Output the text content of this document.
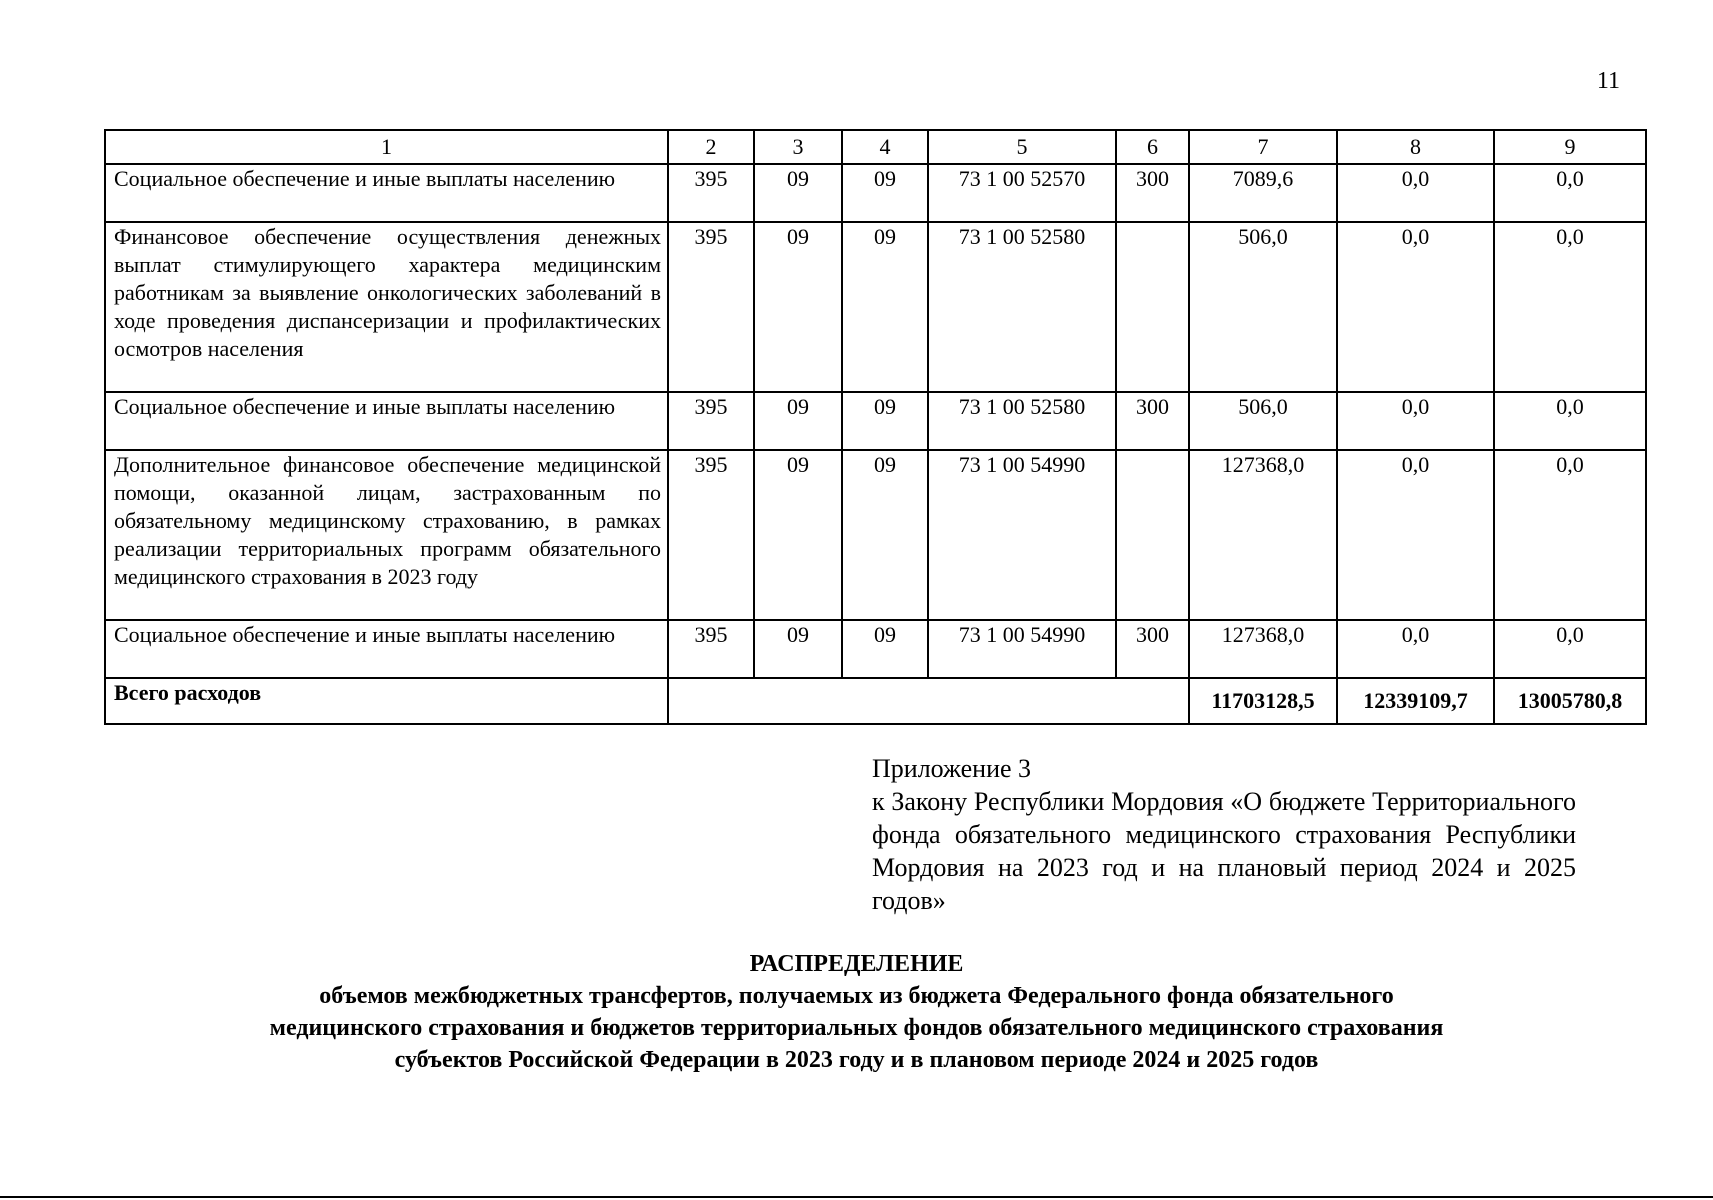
11
1	2	3	4	5	6	7	8	9
Социальное обеспечение и иные выплаты населению	395	09	09	73 1 00 52570	300	7089,6	0,0	0,0
Финансовое обеспечение осуществления денежных выплат стимулирующего характера медицинским работникам за выявление онкологических заболеваний в ходе проведения диспансеризации и профилактических осмотров населения	395	09	09	73 1 00 52580		506,0	0,0	0,0
Социальное обеспечение и иные выплаты населению	395	09	09	73 1 00 52580	300	506,0	0,0	0,0
Дополнительное финансовое обеспечение медицинской помощи, оказанной лицам, застрахованным по обязательному медицинскому страхованию, в рамках реализации территориальных программ обязательного медицинского страхования в 2023 году	395	09	09	73 1 00 54990		127368,0	0,0	0,0
Социальное обеспечение и иные выплаты населению	395	09	09	73 1 00 54990	300	127368,0	0,0	0,0
Всего расходов						11703128,5	12339109,7	13005780,8
Приложение 3
к Закону Республики Мордовия «О бюджете Территориального фонда обязательного медицинского страхования Республики Мордовия на 2023 год и на плановый период 2024 и 2025 годов»
РАСПРЕДЕЛЕНИЕ
объемов межбюджетных трансфертов, получаемых из бюджета Федерального фонда обязательного
медицинского страхования и бюджетов территориальных фондов обязательного медицинского страхования
субъектов Российской Федерации в 2023 году и в плановом периоде 2024 и 2025 годов
